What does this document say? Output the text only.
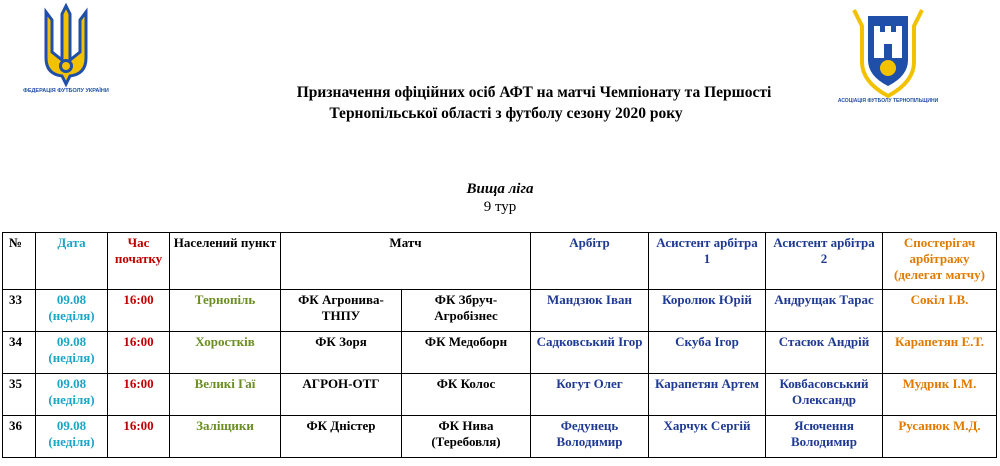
ФЕДЕРАЦІЯ ФУТБОЛУ УКРАЇНИ
АСОЦІАЦІЯ ФУТБОЛУ ТЕРНОПІЛЬЩИНИ
Призначення офіційних осіб АФТ на матчі Чемпіонату та Першості
Тернопільської області з футболу сезону 2020 року
Вища ліга
9 тур
№	Дата	Час початку	Населений пункт	Матч		Арбітр	Асистент арбітра 1	Асистент арбітра 2	Спостерігач арбітражу (делегат матчу)
33	09.08 (неділя)	16:00	Тернопіль	ФК Агронива-ТНПУ	ФК Збруч-Агробізнес	Мандзюк Іван	Королюк Юрій	Андрущак Тарас	Сокіл І.В.
34	09.08 (неділя)	16:00	Хоростків	ФК Зоря	ФК Медоборн	Садковський Ігор	Скуба Ігор	Стасюк Андрій	Карапетян Е.Т.
35	09.08 (неділя)	16:00	Великі Гаї	АГРОН-ОТГ	ФК Колос	Когут Олег	Карапетян Артем	Ковбасовський Олександр	Мудрик І.М.
36	09.08 (неділя)	16:00	Заліщики	ФК Дністер	ФК Нива (Теребовля)	Федунець Володимир	Харчук Сергій	Ясючення Володимир	Русанюк М.Д.
